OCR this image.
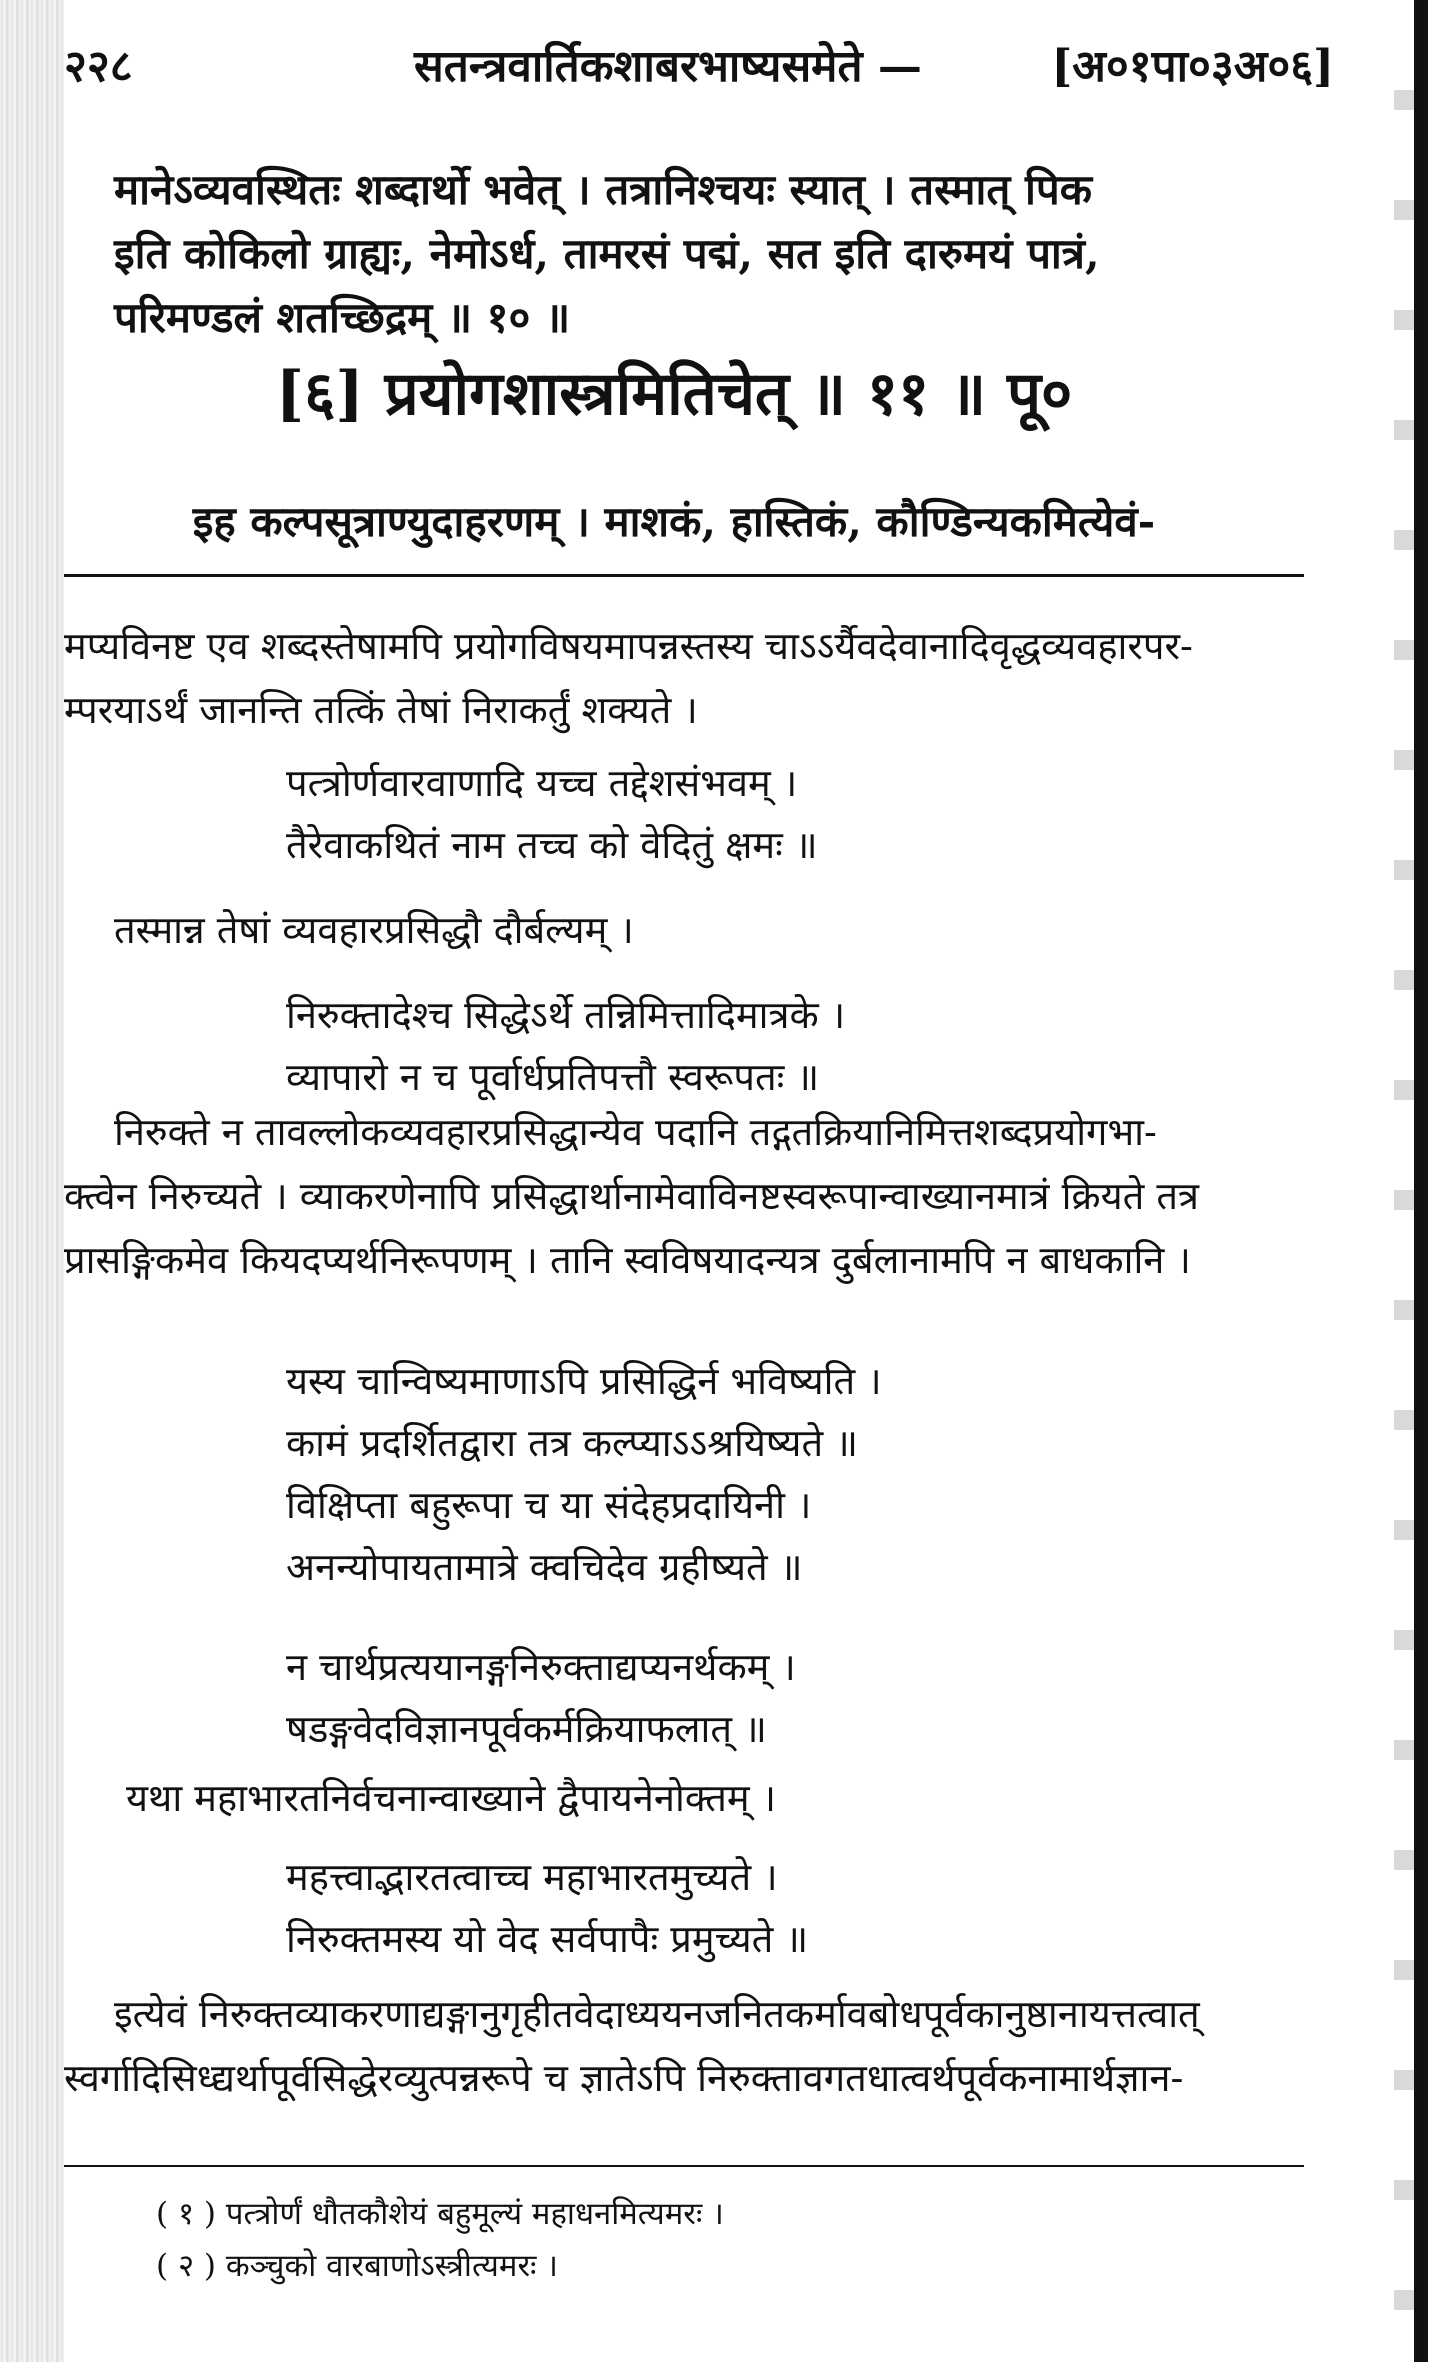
२२८	सतन्त्रवार्तिकशाबरभाष्यसमेते —	[अ०१पा०३अ०६]
मानेऽव्यवस्थितः शब्दार्थो भवेत् । तत्रानिश्चयः स्यात् । तस्मात् पिक
इति कोकिलो ग्राह्यः, नेमोऽर्ध, तामरसं पद्मं, सत इति दारुमयं पात्रं,
परिमण्डलं शतच्छिद्रम् ॥ १० ॥
[६] प्रयोगशास्त्रमितिचेत् ॥ ११ ॥ पू०
इह कल्पसूत्राण्युदाहरणम् । माशकं, हास्तिकं, कौण्डिन्यकमित्येवं-
मप्यविनष्ट एव शब्दस्तेषामपि प्रयोगविषयमापन्नस्तस्य चाऽऽर्यैवदेवानादिवृद्धव्यवहारपर-
म्परयाऽर्थं जानन्ति तत्किं तेषां निराकर्तुं शक्यते ।
पत्त्रोर्णवारवाणादि यच्च तद्देशसंभवम् ।
तैरेवाकथितं नाम तच्च को वेदितुं क्षमः ॥
तस्मान्न तेषां व्यवहारप्रसिद्धौ दौर्बल्यम् ।
निरुक्तादेश्च सिद्धेऽर्थे तन्निमित्तादिमात्रके ।
व्यापारो न च पूर्वार्धप्रतिपत्तौ स्वरूपतः ॥
निरुक्ते न तावल्लोकव्यवहारप्रसिद्धान्येव पदानि तद्गतक्रियानिमित्तशब्दप्रयोगभा-
क्त्वेन निरुच्यते । व्याकरणेनापि प्रसिद्धार्थानामेवाविनष्टस्वरूपान्वाख्यानमात्रं क्रियते तत्र
प्रासङ्गिकमेव कियदप्यर्थनिरूपणम् । तानि स्वविषयादन्यत्र दुर्बलानामपि न बाधकानि ।
यस्य चान्विष्यमाणाऽपि प्रसिद्धिर्न भविष्यति ।
कामं प्रदर्शितद्वारा तत्र कल्प्याऽऽश्रयिष्यते ॥
विक्षिप्ता बहुरूपा च या संदेहप्रदायिनी ।
अनन्योपायतामात्रे क्वचिदेव ग्रहीष्यते ॥
न चार्थप्रत्ययानङ्गनिरुक्ताद्यप्यनर्थकम् ।
षडङ्गवेदविज्ञानपूर्वकर्मक्रियाफलात् ॥
यथा महाभारतनिर्वचनान्वाख्याने द्वैपायनेनोक्तम् ।
महत्त्वाद्भारतत्वाच्च महाभारतमुच्यते ।
निरुक्तमस्य यो वेद सर्वपापैः प्रमुच्यते ॥
इत्येवं निरुक्तव्याकरणाद्यङ्गानुगृहीतवेदाध्ययनजनितकर्मावबोधपूर्वकानुष्ठानायत्तत्वात्
स्वर्गादिसिध्द्यर्थापूर्वसिद्धेरव्युत्पन्नरूपे च ज्ञातेऽपि निरुक्तावगतधात्वर्थपूर्वकनामार्थज्ञान-
( १ ) पत्त्रोर्णं धौतकौशेयं बहुमूल्यं महाधनमित्यमरः ।
( २ ) कञ्चुको वारबाणोऽस्त्रीत्यमरः ।
